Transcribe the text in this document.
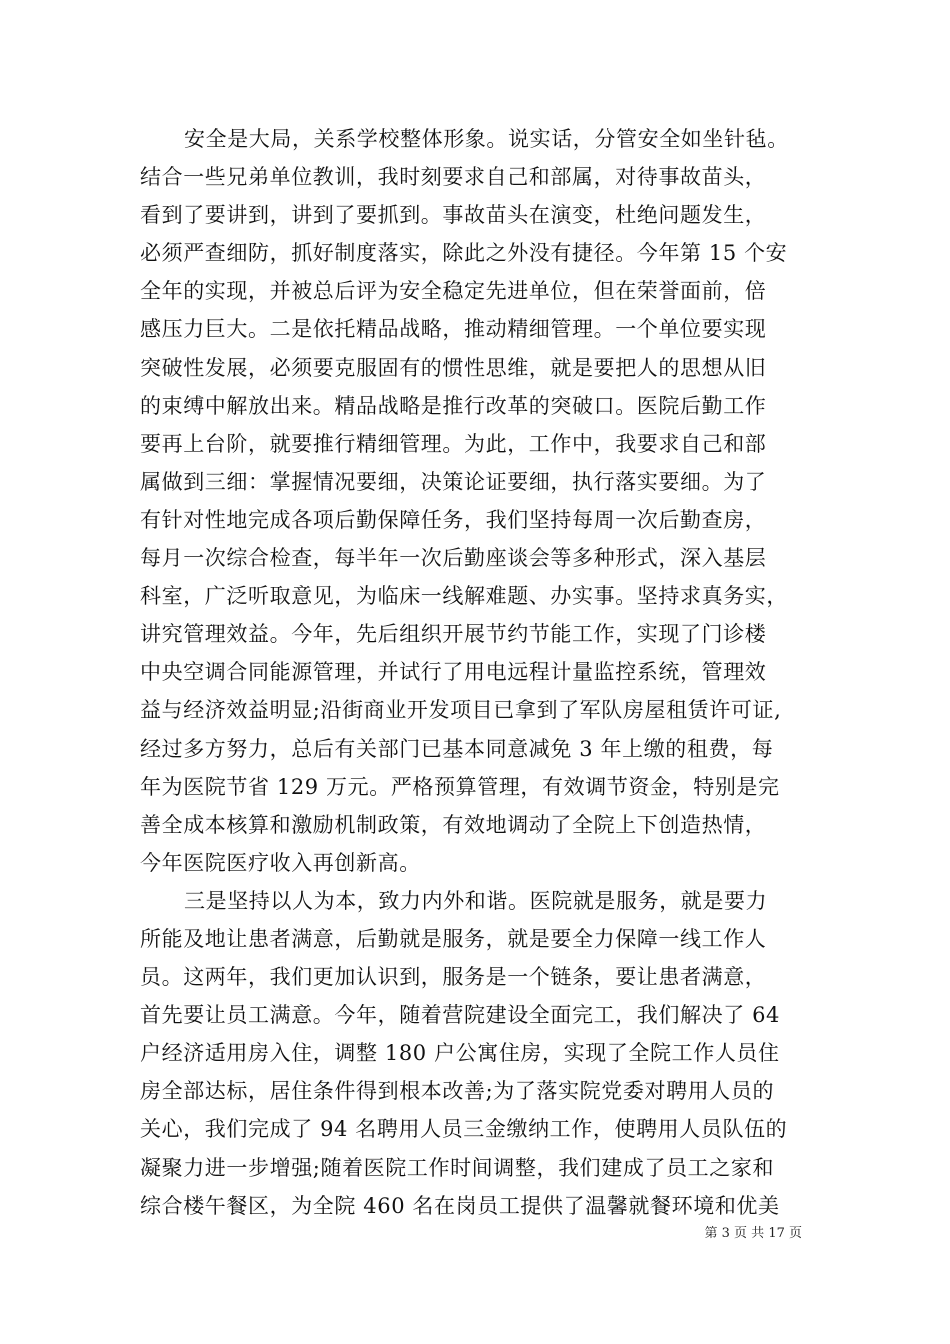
安全是大局，关系学校整体形象。说实话，分管安全如坐针毡。
结合一些兄弟单位教训，我时刻要求自己和部属，对待事故苗头，
看到了要讲到，讲到了要抓到。事故苗头在演变，杜绝问题发生，
必须严查细防，抓好制度落实，除此之外没有捷径。今年第 15 个安
全年的实现，并被总后评为安全稳定先进单位，但在荣誉面前，倍
感压力巨大。二是依托精品战略，推动精细管理。一个单位要实现
突破性发展，必须要克服固有的惯性思维，就是要把人的思想从旧
的束缚中解放出来。精品战略是推行改革的突破口。医院后勤工作
要再上台阶，就要推行精细管理。为此，工作中，我要求自己和部
属做到三细：掌握情况要细，决策论证要细，执行落实要细。为了
有针对性地完成各项后勤保障任务，我们坚持每周一次后勤查房，
每月一次综合检查，每半年一次后勤座谈会等多种形式，深入基层
科室，广泛听取意见，为临床一线解难题、办实事。坚持求真务实，
讲究管理效益。今年，先后组织开展节约节能工作，实现了门诊楼
中央空调合同能源管理，并试行了用电远程计量监控系统，管理效
益与经济效益明显;沿街商业开发项目已拿到了军队房屋租赁许可证,
经过多方努力，总后有关部门已基本同意减免 3 年上缴的租费，每
年为医院节省 129 万元。严格预算管理，有效调节资金，特别是完
善全成本核算和激励机制政策，有效地调动了全院上下创造热情，
今年医院医疗收入再创新高。
三是坚持以人为本，致力内外和谐。医院就是服务，就是要力
所能及地让患者满意，后勤就是服务，就是要全力保障一线工作人
员。这两年，我们更加认识到，服务是一个链条，要让患者满意，
首先要让员工满意。今年，随着营院建设全面完工，我们解决了 64
户经济适用房入住，调整 180 户公寓住房，实现了全院工作人员住
房全部达标，居住条件得到根本改善;为了落实院党委对聘用人员的
关心，我们完成了 94 名聘用人员三金缴纳工作，使聘用人员队伍的
凝聚力进一步增强;随着医院工作时间调整，我们建成了员工之家和
综合楼午餐区，为全院 460 名在岗员工提供了温馨就餐环境和优美
第 3 页 共 17 页
